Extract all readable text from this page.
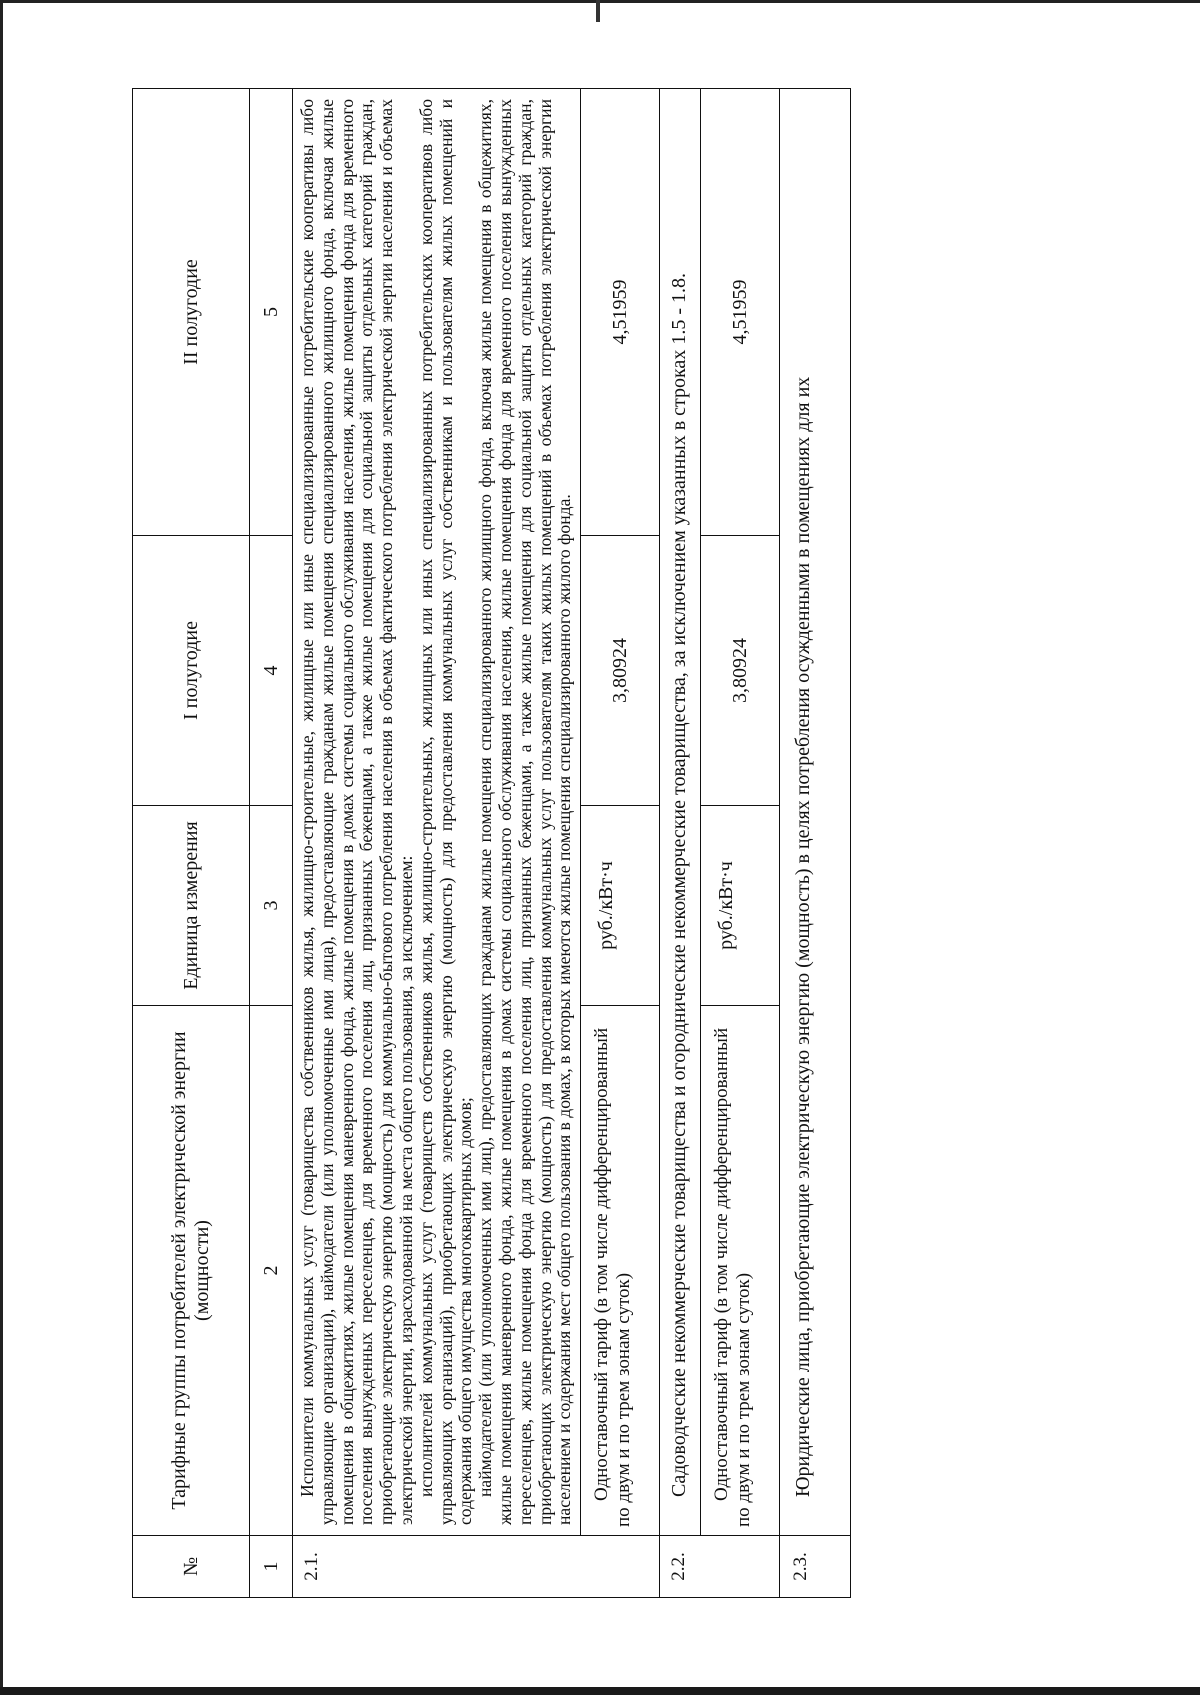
№	Тарифные группы потребителей электрической энергии (мощности)	Единица измерения	I полугодие	II полугодие
1	2	3	4	5
2.1.	Исполнители коммунальных услуг (товарищества собственников жилья, жилищно-строительные, жилищные или иные специализированные потребительские кооперативы либо управляющие организации), наймодатели (или уполномоченные ими лица), предоставляющие гражданам жилые помещения специализированного жилищного фонда, включая жилые помещения в общежитиях, жилые помещения маневренного фонда, жилые помещения в домах системы социального обслуживания населения, жилые помещения фонда для временного поселения вынужденных переселенцев, для временного поселения лиц, признанных беженцами, а также жилые помещения для социальной защиты отдельных категорий граждан, приобретающие электрическую энергию (мощность) для коммунально-бытового потребления населения в объемах фактического потребления электрической энергии населения и объемах электрической энергии, израсходованной на места общего пользования, за исключением: исполнителей коммунальных услуг (товариществ собственников жилья, жилищно-строительных, жилищных или иных специализированных потребительских кооперативов либо управляющих организаций), приобретающих электрическую энергию (мощность) для предоставления коммунальных услуг собственникам и пользователям жилых помещений и содержания общего имущества многоквартирных домов; наймодателей (или уполномоченных ими лиц), предоставляющих гражданам жилые помещения специализированного жилищного фонда, включая жилые помещения в общежитиях, жилые помещения маневренного фонда, жилые помещения в домах системы социального обслуживания населения, жилые помещения фонда для временного поселения вынужденных переселенцев, жилые помещения фонда для временного поселения лиц, признанных беженцами, а также жилые помещения для социальной защиты отдельных категорий граждан, приобретающих электрическую энергию (мощность) для предоставления коммунальных услуг пользователям таких жилых помещений в объемах потребления электрической энергии населением и содержания мест общего пользования в домах, в которых имеются жилые помещения специализированного жилого фонда.			

	Одноставочный тариф (в том числе дифференцированный по двум и по трем зонам суток)	руб./кВт·ч	3,80924	4,51959
2.2.	Садоводческие некоммерческие товарищества и огороднические некоммерческие товарищества, за исключением указанных в строках 1.5 - 1.8.			
	Одноставочный тариф (в том числе дифференцированный по двум и по трем зонам суток)	руб./кВт·ч	3,80924	4,51959
2.3.	Юридические лица, приобретающие электрическую энергию (мощность) в целях потребления осужденными в помещениях для их			
